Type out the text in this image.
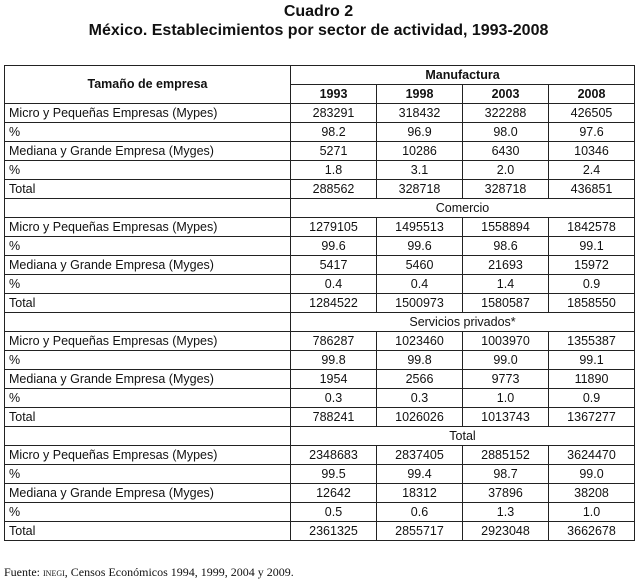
Cuadro 2
México. Establecimientos por sector de actividad, 1993-2008
Tamaño de empresa	Manufactura			
	1993	1998	2003	2008
Micro y Pequeñas Empresas (Mypes)	283291	318432	322288	426505
%	98.2	96.9	98.0	97.6
Mediana y Grande Empresa (Myges)	5271	10286	6430	10346
%	1.8	3.1	2.0	2.4
Total	288562	328718	328718	436851
	Comercio			
Micro y Pequeñas Empresas (Mypes)	1279105	1495513	1558894	1842578
%	99.6	99.6	98.6	99.1
Mediana y Grande Empresa (Myges)	5417	5460	21693	15972
%	0.4	0.4	1.4	0.9
Total	1284522	1500973	1580587	1858550
	Servicios privados*			
Micro y Pequeñas Empresas (Mypes)	786287	1023460	1003970	1355387
%	99.8	99.8	99.0	99.1
Mediana y Grande Empresa (Myges)	1954	2566	9773	11890
%	0.3	0.3	1.0	0.9
Total	788241	1026026	1013743	1367277
	Total			
Micro y Pequeñas Empresas (Mypes)	2348683	2837405	2885152	3624470
%	99.5	99.4	98.7	99.0
Mediana y Grande Empresa (Myges)	12642	18312	37896	38208
%	0.5	0.6	1.3	1.0
Total	2361325	2855717	2923048	3662678
Fuente: inegi, Censos Económicos 1994, 1999, 2004 y 2009.
